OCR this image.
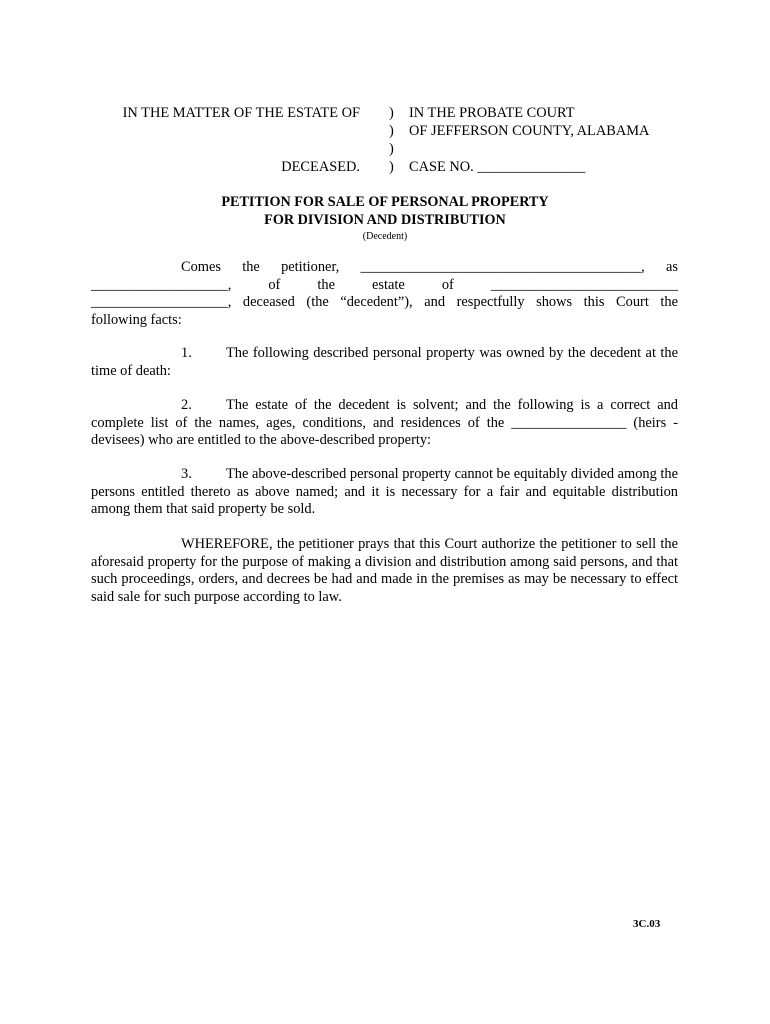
IN THE MATTER OF THE ESTATE OF
DECEASED.
)
)
)
)
IN THE PROBATE COURT
OF JEFFERSON COUNTY, ALABAMA
CASE NO. _______________
PETITION FOR SALE OF PERSONAL PROPERTY
FOR DIVISION AND DISTRIBUTION
(Decedent)
Comes the petitioner, _______________________________________, as
___________________, of the estate of __________________________
___________________, deceased (the “decedent”), and respectfully shows this Court the
following facts:
1. The following described personal property was owned by the decedent at the time of death:
2. The estate of the decedent is solvent; and the following is a correct and complete list of the names, ages, conditions, and residences of the ________________ (heirs - devisees) who are entitled to the above-described property:
3. The above-described personal property cannot be equitably divided among the persons entitled thereto as above named; and it is necessary for a fair and equitable distribution among them that said property be sold.
WHEREFORE, the petitioner prays that this Court authorize the petitioner to sell the aforesaid property for the purpose of making a division and distribution among said persons, and that such proceedings, orders, and decrees be had and made in the premises as may be necessary to effect said sale for such purpose according to law.
3C.03
